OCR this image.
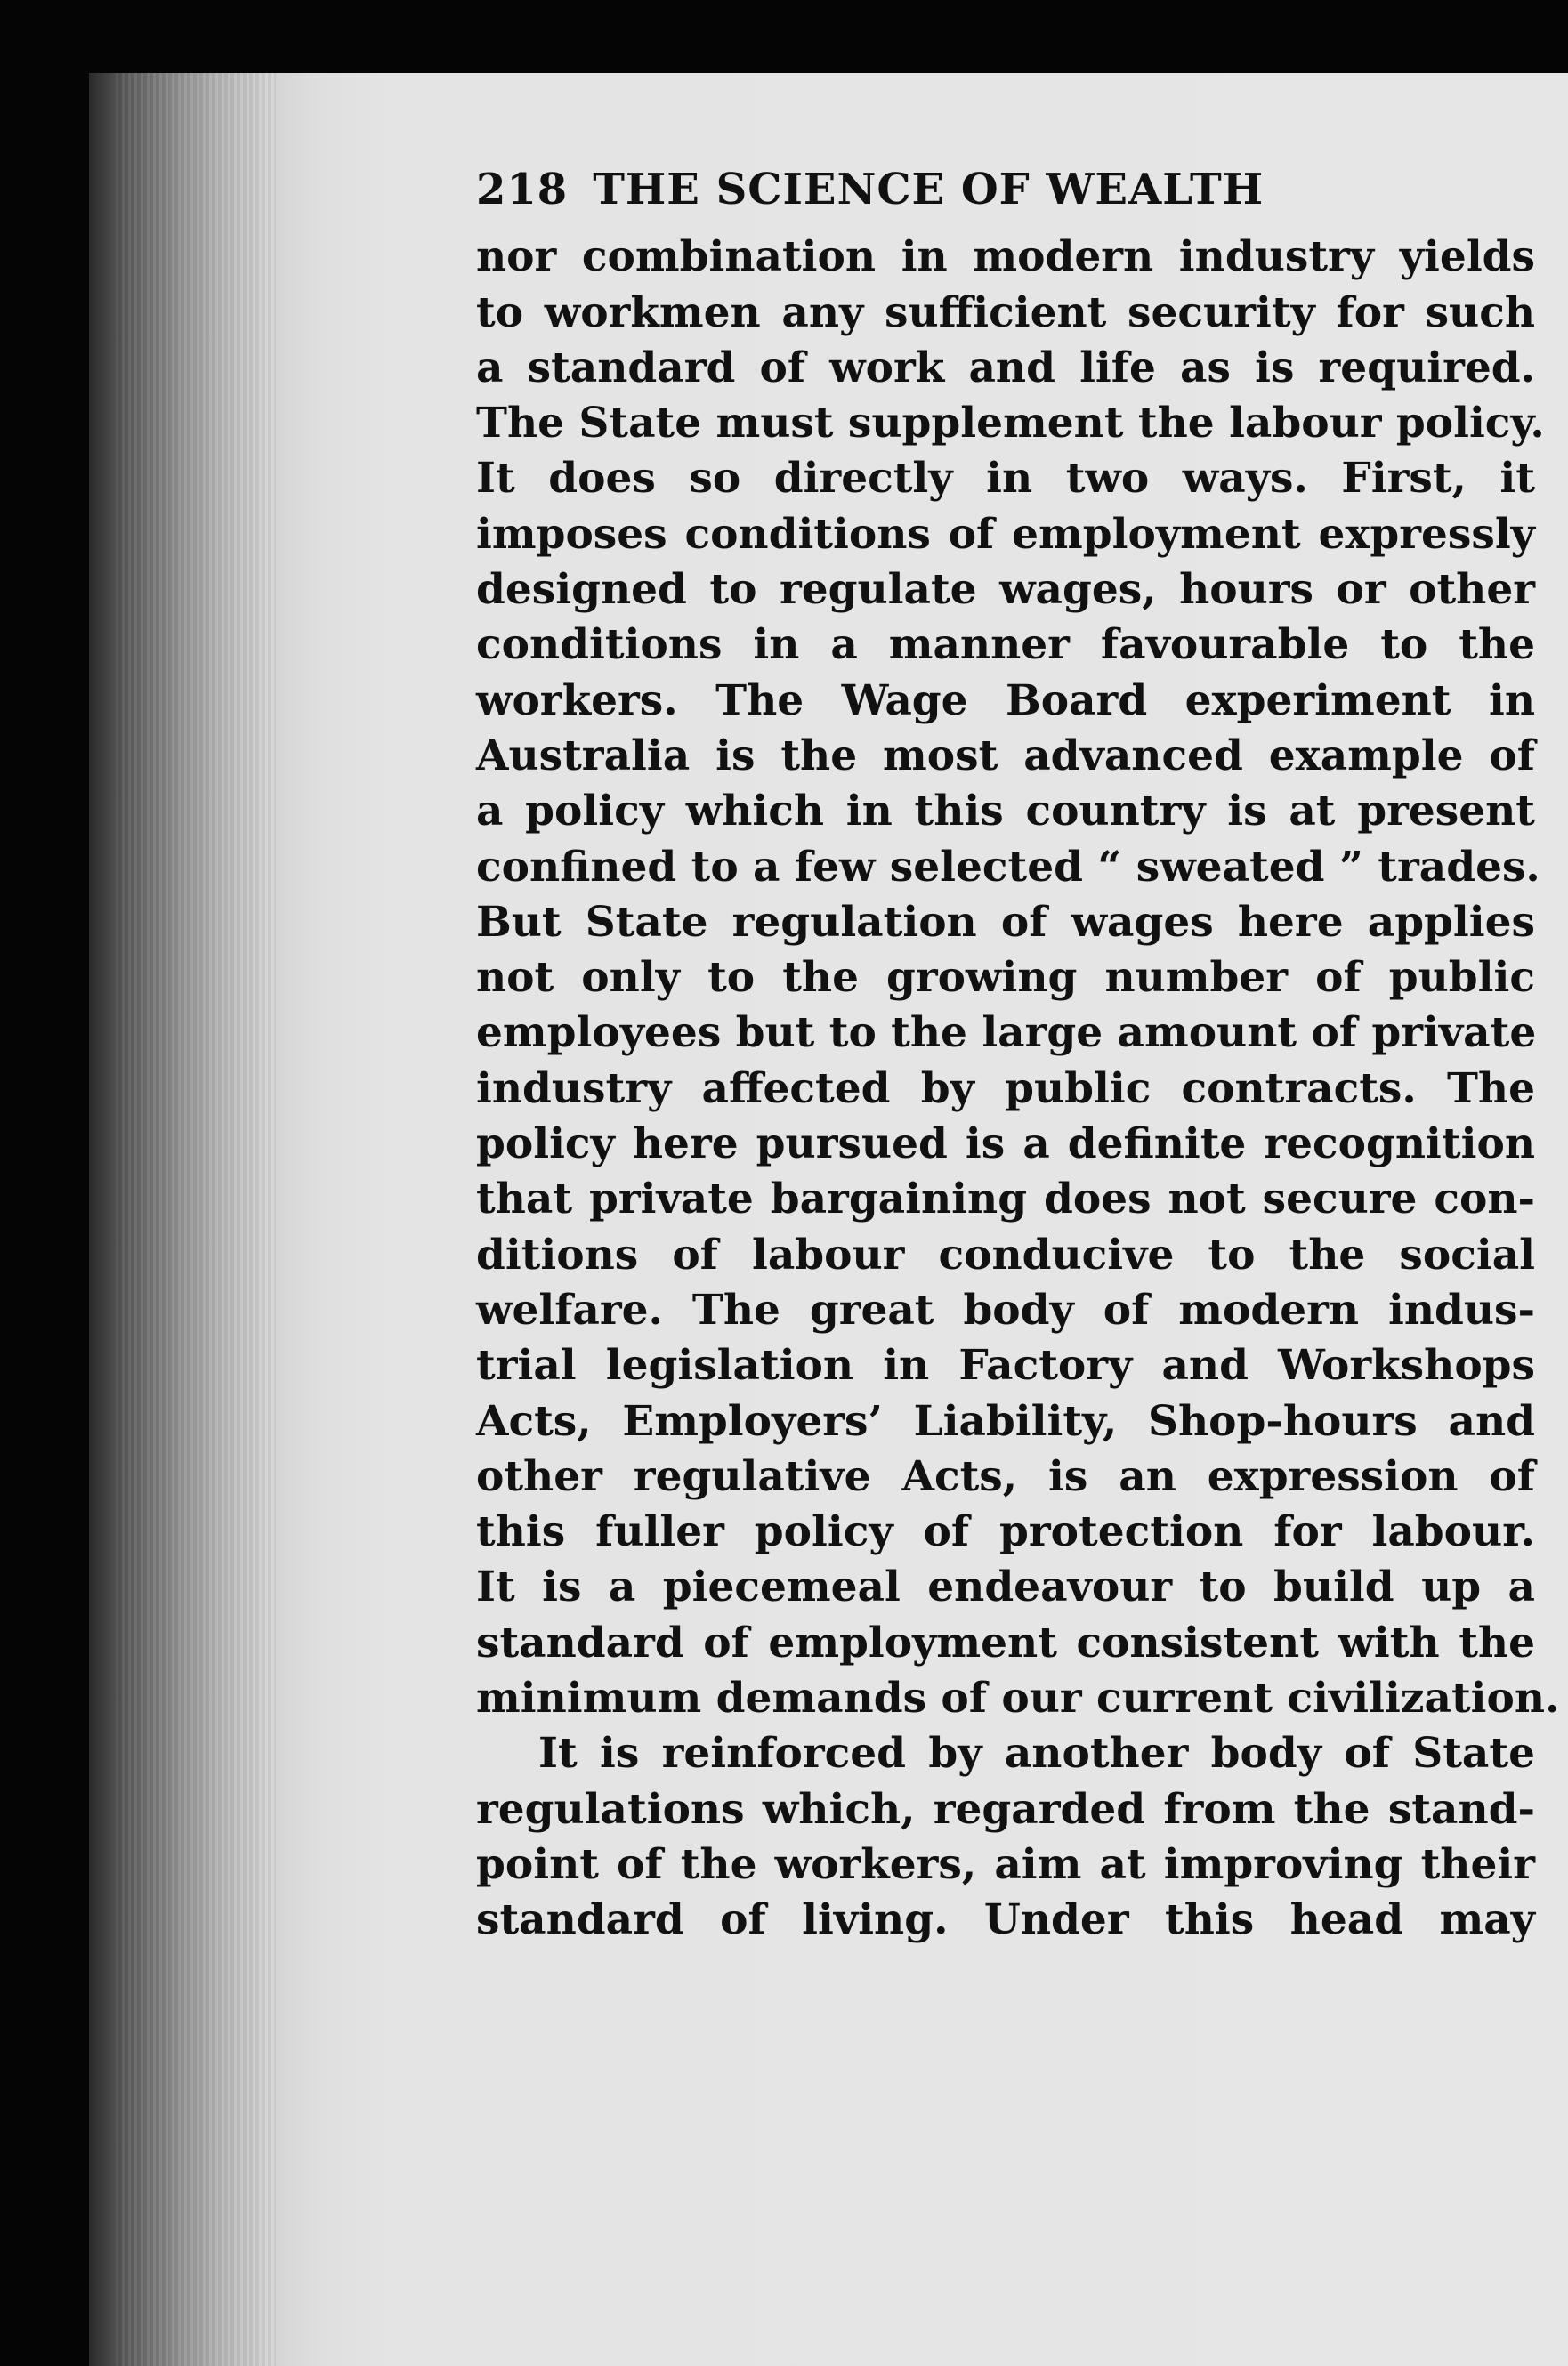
218 THE SCIENCE OF WEALTH
nor combination in modern industry yields
to workmen any sufficient security for such
a standard of work and life as is required.
The State must supplement the labour policy.
It does so directly in two ways. First, it
imposes conditions of employment expressly
designed to regulate wages, hours or other
conditions in a manner favourable to the
workers. The Wage Board experiment in
Australia is the most advanced example of
a policy which in this country is at present
confined to a few selected “ sweated ” trades.
But State regulation of wages here applies
not only to the growing number of public
employees but to the large amount of private
industry affected by public contracts. The
policy here pursued is a definite recognition
that private bargaining does not secure con-
ditions of labour conducive to the social
welfare. The great body of modern indus-
trial legislation in Factory and Workshops
Acts, Employers’ Liability, Shop-hours and
other regulative Acts, is an expression of
this fuller policy of protection for labour.
It is a piecemeal endeavour to build up a
standard of employment consistent with the
minimum demands of our current civilization.
It is reinforced by another body of State
regulations which, regarded from the stand-
point of the workers, aim at improving their
standard of living. Under this head may
